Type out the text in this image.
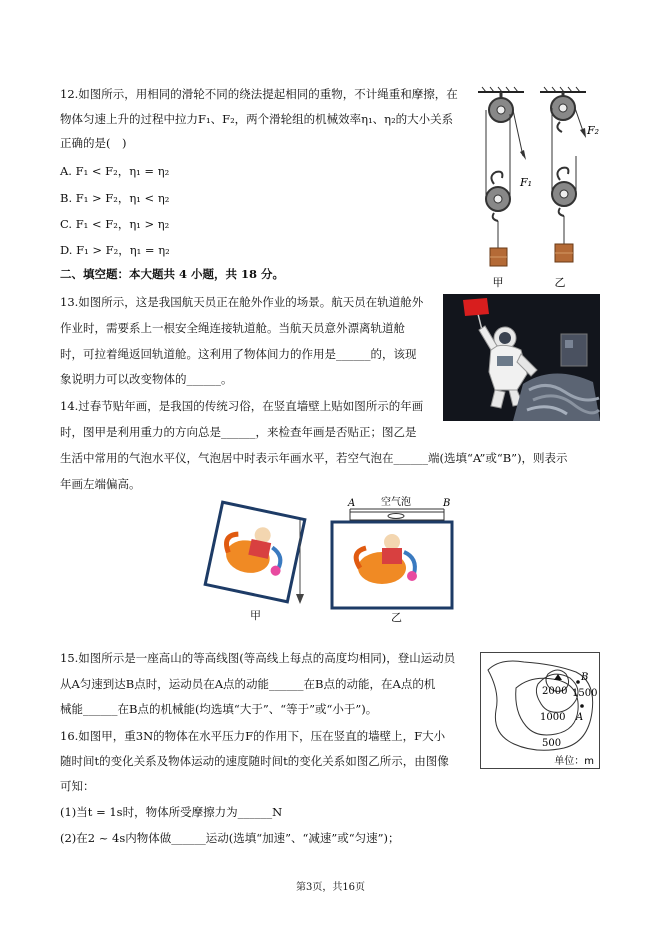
12.如图所示，用相同的滑轮不同的绕法提起相同的重物，不计绳重和摩擦，在
物体匀速上升的过程中拉力F₁、F₂，两个滑轮组的机械效率η₁、η₂的大小关系
正确的是(　)
A. F₁ < F₂，η₁ = η₂
B. F₁ > F₂，η₁ < η₂
C. F₁ < F₂，η₁ > η₂
D. F₁ > F₂，η₁ = η₂
F₁
F₂
甲	乙
二、填空题：本大题共 4 小题，共 18 分。
13.如图所示，这是我国航天员正在舱外作业的场景。航天员在轨道舱外
作业时，需要系上一根安全绳连接轨道舱。当航天员意外漂离轨道舱
时，可拉着绳返回轨道舱。这利用了物体间力的作用是______的，该现
象说明力可以改变物体的______。
14.过春节贴年画，是我国的传统习俗，在竖直墙壁上贴如图所示的年画
时，图甲是利用重力的方向总是______，来检查年画是否贴正；图乙是
生活中常用的气泡水平仪，气泡居中时表示年画水平，若空气泡在______端(选填“A”或“B”)，则表示
年画左端偏高。
A	空气泡	B
甲	乙
15.如图所示是一座高山的等高线图(等高线上每点的高度均相同)，登山运动员
从A匀速到达B点时，运动员在A点的动能______在B点的动能，在A点的机
械能______在B点的机械能(均选填“大于”、“等于”或“小于”)。
B
A
2000 1500
1000
500
单位：m
16.如图甲，重3N的物体在水平压力F的作用下，压在竖直的墙壁上，F大小
随时间t的变化关系及物体运动的速度随时间t的变化关系如图乙所示，由图像
可知：
(1)当t = 1s时，物体所受摩擦力为______N
(2)在2 ~ 4s内物体做______运动(选填“加速”、“减速”或“匀速”)；
第3页，共16页
